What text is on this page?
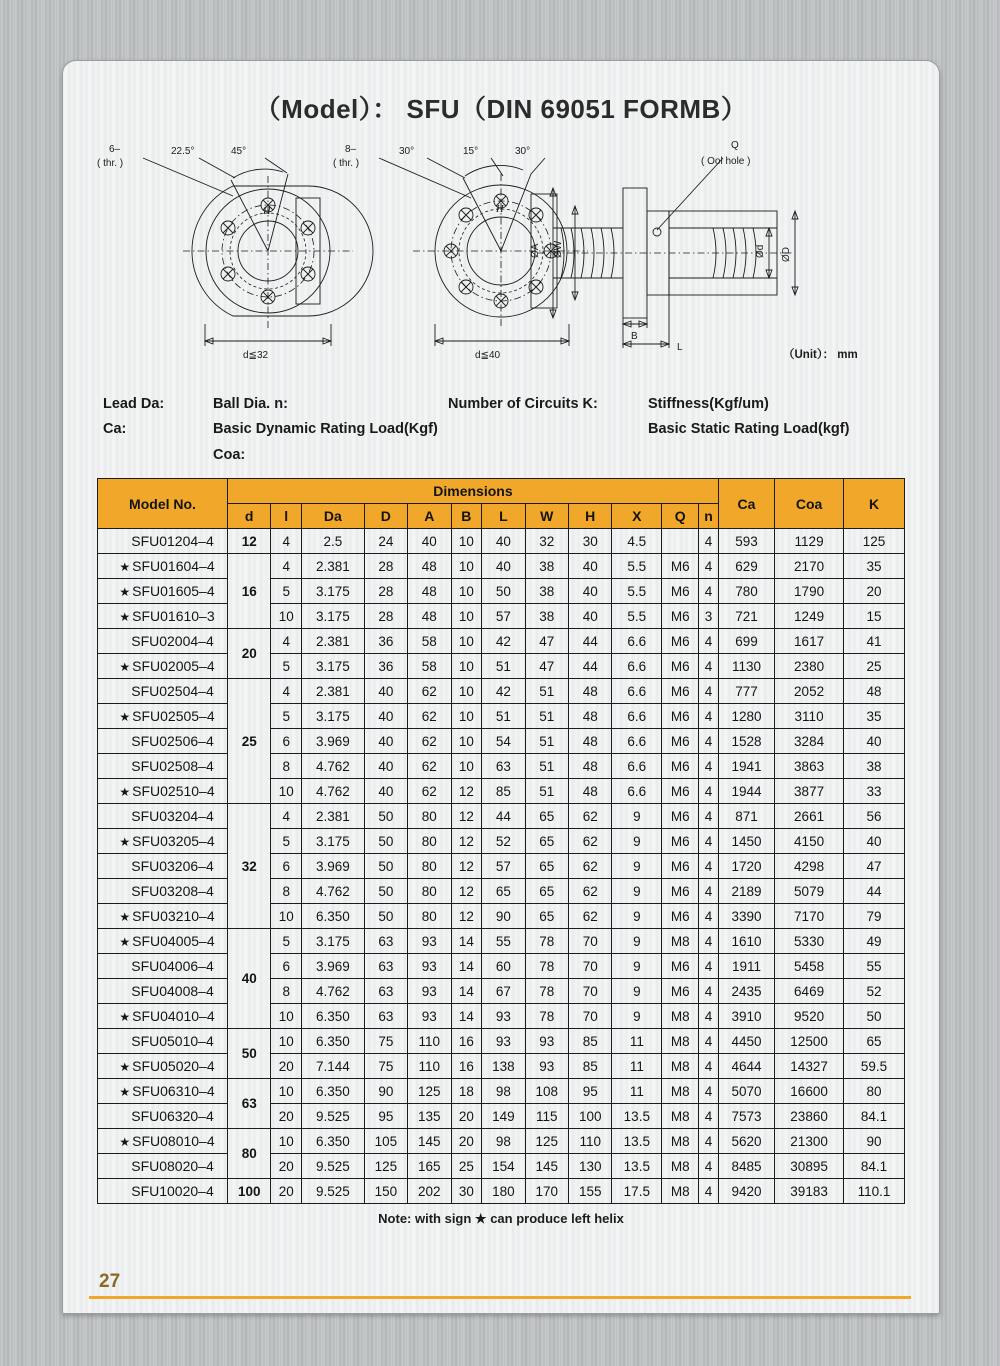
（Model）： SFU（DIN 69051 FORMB）
6–
( thr. )
22.5°	45°
H
d≦32
8–
( thr. )
30°	15°	30°
H
d≦40
Q
( Ool hole )
ØA ØW	Ød ØD
B
L
（Unit）： mm
Lead Da:	Ball Dia. n:	Number of Circuits K:	Stiffness(Kgf/um)
Ca:	Basic Dynamic Rating Load(Kgf) Coa:
Basic Static Rating Load(kgf)
Model No.	Dimensions												Ca	Coa	K
	d	l	Da	D	A	B	L	W	H	X	Q	n			
SFU01204–4	12	4	2.5	24	40	10	40	32	30	4.5		4	593	1129	125
★ SFU01604–4	16	4	2.381	28	48	10	40	38	40	5.5	M6	4	629	2170	35
★ SFU01605–4		5	3.175	28	48	10	50	38	40	5.5	M6	4	780	1790	20
★ SFU01610–3		10	3.175	28	48	10	57	38	40	5.5	M6	3	721	1249	15
SFU02004–4	20	4	2.381	36	58	10	42	47	44	6.6	M6	4	699	1617	41
★ SFU02005–4		5	3.175	36	58	10	51	47	44	6.6	M6	4	1130	2380	25
SFU02504–4	25	4	2.381	40	62	10	42	51	48	6.6	M6	4	777	2052	48
★ SFU02505–4		5	3.175	40	62	10	51	51	48	6.6	M6	4	1280	3110	35
SFU02506–4		6	3.969	40	62	10	54	51	48	6.6	M6	4	1528	3284	40
SFU02508–4		8	4.762	40	62	10	63	51	48	6.6	M6	4	1941	3863	38
★ SFU02510–4		10	4.762	40	62	12	85	51	48	6.6	M6	4	1944	3877	33
SFU03204–4	32	4	2.381	50	80	12	44	65	62	9	M6	4	871	2661	56
★ SFU03205–4		5	3.175	50	80	12	52	65	62	9	M6	4	1450	4150	40
SFU03206–4		6	3.969	50	80	12	57	65	62	9	M6	4	1720	4298	47
SFU03208–4		8	4.762	50	80	12	65	65	62	9	M6	4	2189	5079	44
★ SFU03210–4		10	6.350	50	80	12	90	65	62	9	M6	4	3390	7170	79
★ SFU04005–4	40	5	3.175	63	93	14	55	78	70	9	M8	4	1610	5330	49
SFU04006–4		6	3.969	63	93	14	60	78	70	9	M6	4	1911	5458	55
SFU04008–4		8	4.762	63	93	14	67	78	70	9	M6	4	2435	6469	52
★ SFU04010–4		10	6.350	63	93	14	93	78	70	9	M8	4	3910	9520	50
SFU05010–4	50	10	6.350	75	110	16	93	93	85	11	M8	4	4450	12500	65
★ SFU05020–4		20	7.144	75	110	16	138	93	85	11	M8	4	4644	14327	59.5
★ SFU06310–4	63	10	6.350	90	125	18	98	108	95	11	M8	4	5070	16600	80
SFU06320–4		20	9.525	95	135	20	149	115	100	13.5	M8	4	7573	23860	84.1
★ SFU08010–4	80	10	6.350	105	145	20	98	125	110	13.5	M8	4	5620	21300	90
SFU08020–4		20	9.525	125	165	25	154	145	130	13.5	M8	4	8485	30895	84.1
SFU10020–4	100	20	9.525	150	202	30	180	170	155	17.5	M8	4	9420	39183	110.1
Note: with sign ★ can produce left helix
27
